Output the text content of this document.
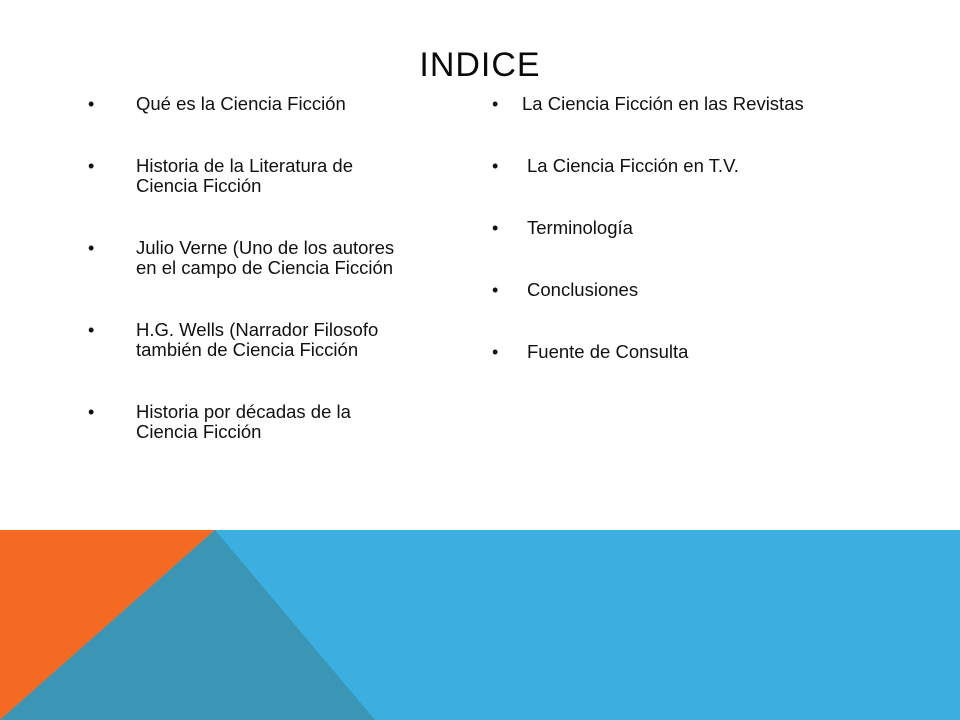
INDICE
•	Qué es la Ciencia Ficción
•	Historia de la Literatura de Ciencia Ficción
•	Julio Verne (Uno de los autores en el campo de Ciencia Ficción
•	H.G. Wells (Narrador Filosofo también de Ciencia Ficción
•	Historia por décadas de la Ciencia Ficción
•	La Ciencia Ficción en las Revistas
•	La Ciencia Ficción en T.V.
•	Terminología
•	Conclusiones
•	Fuente de Consulta
